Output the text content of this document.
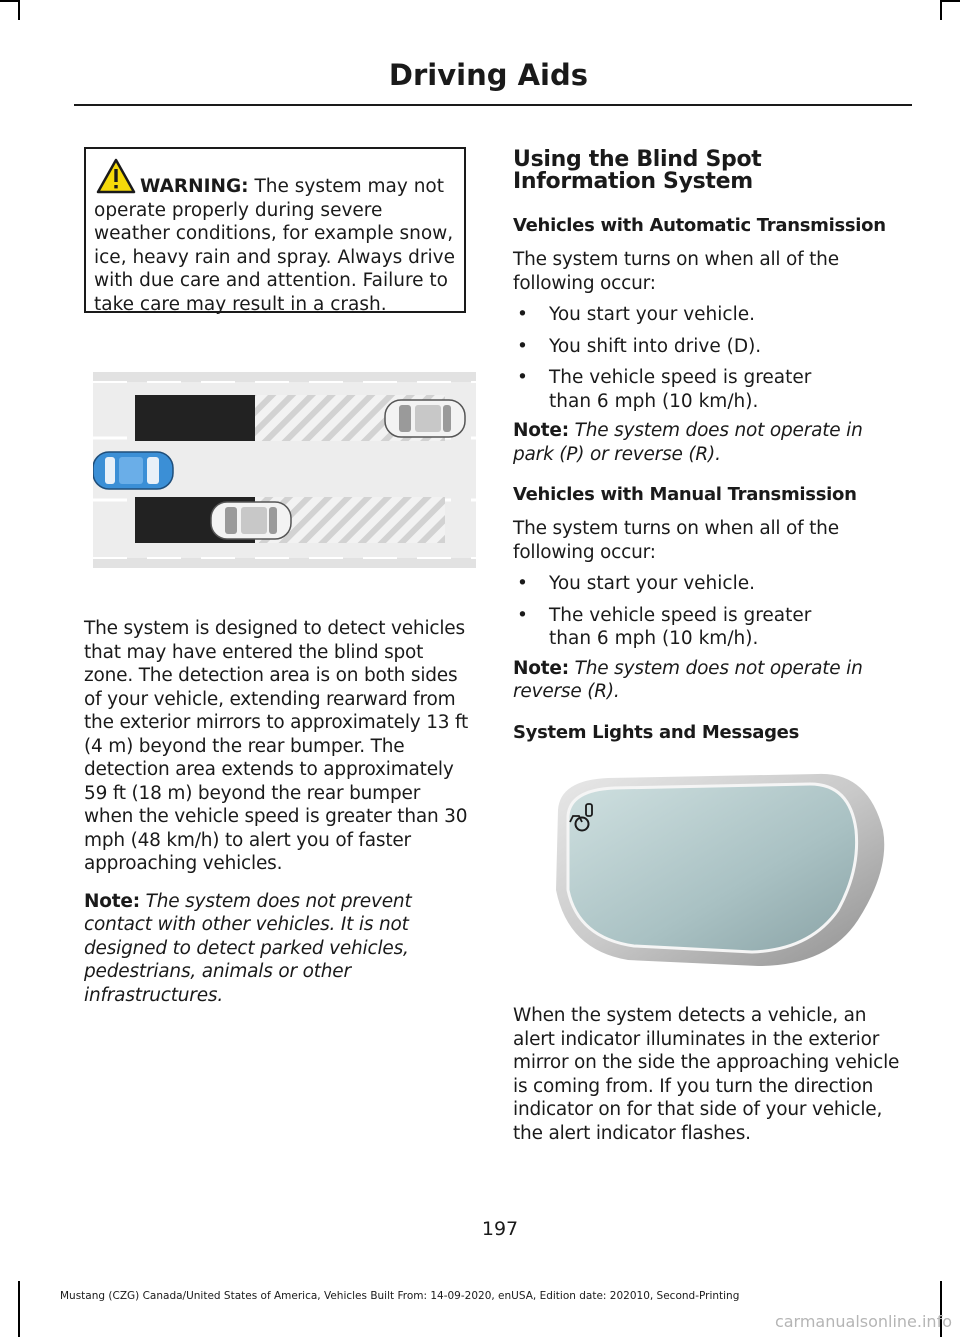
Driving Aids

WARNING: The system may not operate properly during severe weather conditions, for example snow, ice, heavy rain and spray. Always drive with due care and attention. Failure to take care may result in a crash.

The system is designed to detect vehicles that may have entered the blind spot zone. The detection area is on both sides of your vehicle, extending rearward from the exterior mirrors to approximately 13 ft (4 m) beyond the rear bumper. The detection area extends to approximately 59 ft (18 m) beyond the rear bumper when the vehicle speed is greater than 30 mph (48 km/h) to alert you of faster approaching vehicles.

Note: The system does not prevent contact with other vehicles. It is not designed to detect parked vehicles, pedestrians, animals or other infrastructures.

Using the Blind Spot Information System
Vehicles with Automatic Transmission

The system turns on when all of the following occur:

• You start your vehicle.
• You shift into drive (D).
• The vehicle speed is greater than 6 mph (10 km/h).

Note: The system does not operate in park (P) or reverse (R).

Vehicles with Manual Transmission

The system turns on when all of the following occur:

• You start your vehicle.
• The vehicle speed is greater than 6 mph (10 km/h).

Note: The system does not operate in reverse (R).

System Lights and Messages

When the system detects a vehicle, an alert indicator illuminates in the exterior mirror on the side the approaching vehicle is coming from. If you turn the direction indicator on for that side of your vehicle, the alert indicator flashes.

197
Mustang (CZG) Canada/United States of America, Vehicles Built From: 14-09-2020, enUSA, Edition date: 202010, Second-Printing
carmanualsonline.info
